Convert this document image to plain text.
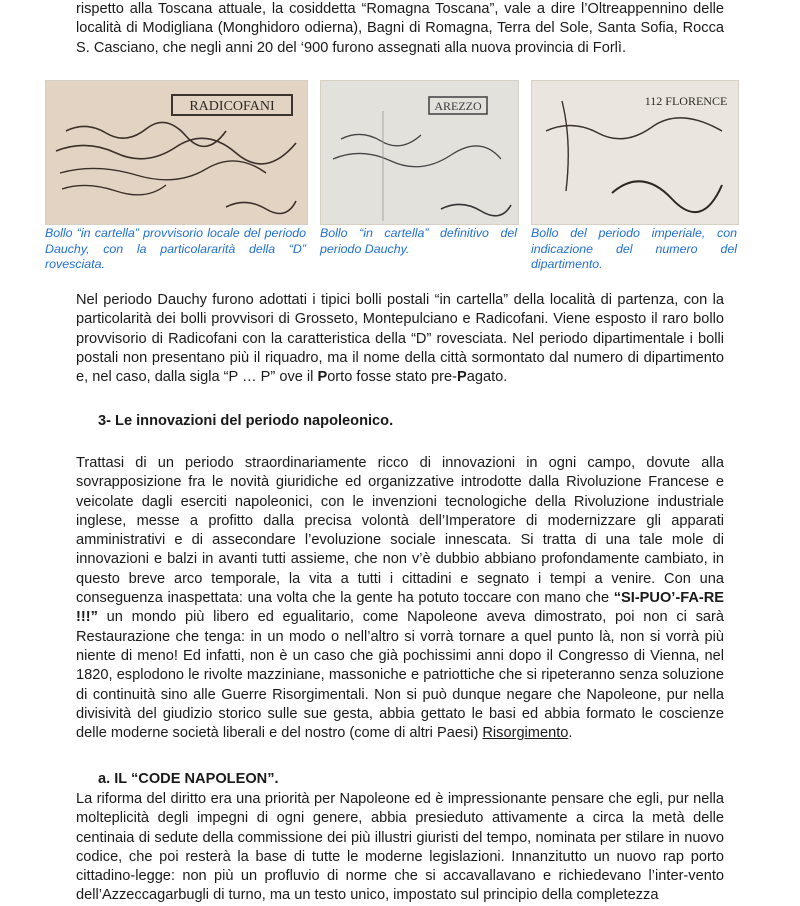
rispetto alla Toscana attuale, la cosiddetta “Romagna Toscana”, vale a dire l’Oltreappennino delle località di Modigliana (Monghidoro odierna), Bagni di Romagna, Terra del Sole, Santa Sofia, Rocca S. Casciano, che negli anni 20 del ‘900 furono assegnati alla nuova provincia di Forlì.

RADICOFANI

Bollo “in cartella” provvisorio locale del periodo Dauchy, con la particolararità della “D” rovesciata.

AREZZO

Bollo “in cartella” definitivo del periodo Dauchy.

112 FLORENCE

Bollo del periodo imperiale, con indicazione del numero del dipartimento.

Nel periodo Dauchy furono adottati i tipici bolli postali “in cartella” della località di partenza, con la particolarità dei bolli provvisori di Grosseto, Montepulciano e Radicofani. Viene esposto il raro bollo provvisorio di Radicofani con la caratteristica della “D” rovesciata. Nel periodo dipartimentale i bolli postali non presentano più il riquadro, ma il nome della città sormontato dal numero di dipartimento e, nel caso, dalla sigla “P … P” ove il Porto fosse stato pre-Pagato.

3- Le innovazioni del periodo napoleonico.

Trattasi di un periodo straordinariamente ricco di innovazioni in ogni campo, dovute alla sovrapposizione fra le novità giuridiche ed organizzative introdotte dalla Rivoluzione Francese e veicolate dagli eserciti napoleonici, con le invenzioni tecnologiche della Rivoluzione industriale inglese, messe a profitto dalla precisa volontà dell’Imperatore di modernizzare gli apparati amministrativi e di assecondare l’evoluzione sociale innescata. Si tratta di una tale mole di innovazioni e balzi in avanti tutti assieme, che non v’è dubbio abbiano profondamente cambiato, in questo breve arco temporale, la vita a tutti i cittadini e segnato i tempi a venire. Con una conseguenza inaspettata: una volta che la gente ha potuto toccare con mano che “SI-PUO’-FA-RE !!!” un mondo più libero ed egualitario, come Napoleone aveva dimostrato, poi non ci sarà Restaurazione che tenga: in un modo o nell’altro si vorrà tornare a quel punto là, non si vorrà più niente di meno! Ed infatti, non è un caso che già pochissimi anni dopo il Congresso di Vienna, nel 1820, esplodono le rivolte mazziniane, massoniche e patriottiche che si ripeteranno senza soluzione di continuità sino alle Guerre Risorgimentali. Non si può dunque negare che Napoleone, pur nella divisività del giudizio storico sulle sue gesta, abbia gettato le basi ed abbia formato le coscienze delle moderne società liberali e del nostro (come di altri Paesi) Risorgimento.

a. IL “CODE NAPOLEON”.

La riforma del diritto era una priorità per Napoleone ed è impressionante pensare che egli, pur nella molteplicità degli impegni di ogni genere, abbia presieduto attivamente a circa la metà delle centinaia di sedute della commissione dei più illustri giuristi del tempo, nominata per stilare in nuovo codice, che poi resterà la base di tutte le moderne legislazioni. Innanzitutto un nuovo rap porto cittadino-legge: non più un profluvio di norme che si accavallavano e richiedevano l’inter-vento dell’Azzeccagarbugli di turno, ma un testo unico, impostato sul principio della completezza
